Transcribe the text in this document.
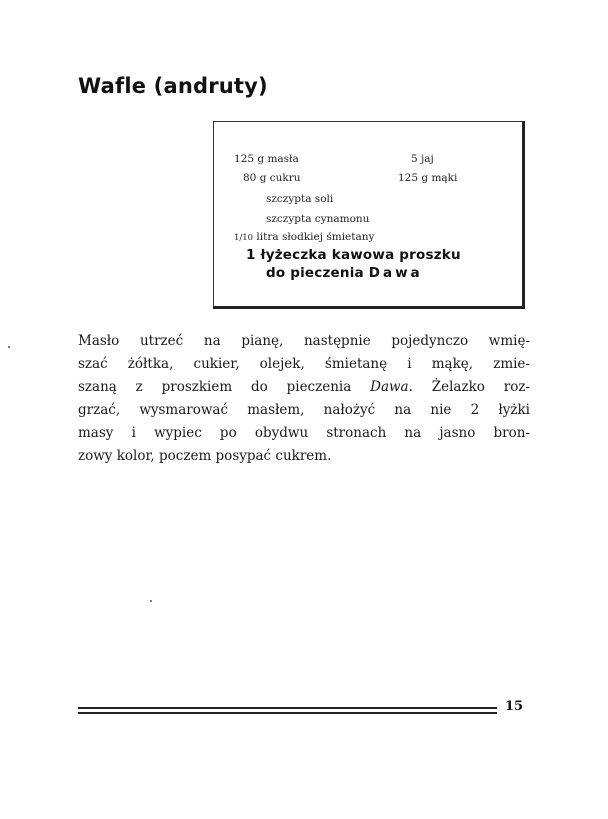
Wafle (andruty)
125 g masła	5 jaj
80 g cukru	125 g mąki
szczypta soli
szczypta cynamonu
1/10 litra słodkiej śmietany
1 łyżeczka kawowa proszku
do pieczenia Dawa
Masło utrzeć na pianę, następnie pojedynczo wmię-
szać żółtka, cukier, olejek, śmietanę i mąkę, zmie-
szaną z proszkiem do pieczenia Dawa. Żelazko roz-
grzać, wysmarować masłem, nałożyć na nie 2 łyżki
masy i wypiec po obydwu stronach na jasno bron-
zowy kolor, poczem posypać cukrem.
15
